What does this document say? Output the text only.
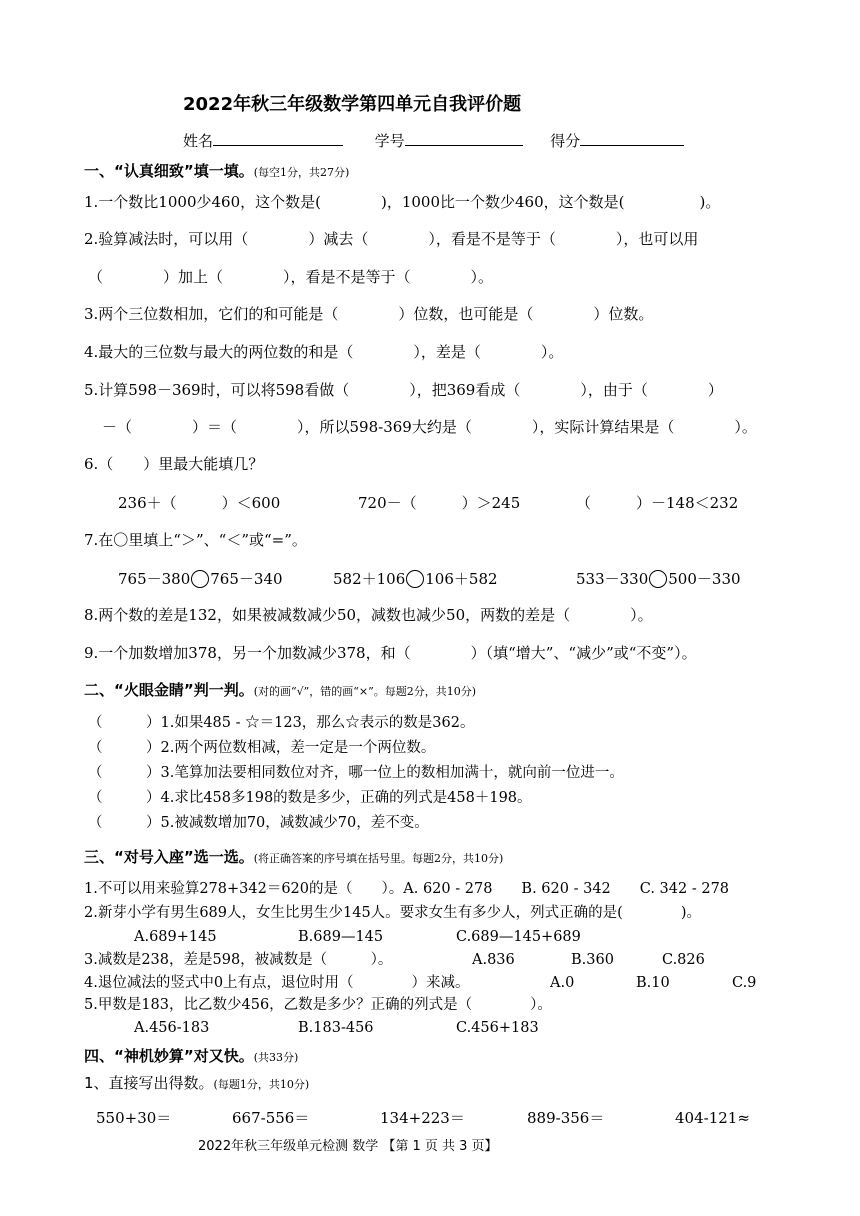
2022年秋三年级数学第四单元自我评价题
姓名	学号	得分
一、“认真细致”填一填。(每空1分，共27分)
1.一个数比1000少460，这个数是(　　　　)，1000比一个数少460，这个数是(　　　　　)。
2.验算减法时，可以用（　　　　）减去（　　　　），看是不是等于（　　　　），也可以用
（　　　　）加上（　　　　），看是不是等于（　　　　）。
3.两个三位数相加，它们的和可能是（　　　　）位数，也可能是（　　　　）位数。
4.最大的三位数与最大的两位数的和是（　　　　），差是（　　　　）。
5.计算598－369时，可以将598看做（　　　　），把369看成（　　　　），由于（　　　　）
－（　　　　）＝（　　　　），所以598-369大约是（　　　　），实际计算结果是（　　　　）。
6.（　　）里最大能填几？
236＋（　　　）＜600	720－（　　　）＞245	（　　　）－148＜232
7.在〇里填上“＞”、“＜”或“=”。
765－380 765－340	582＋106 106＋582	533－330 500－330
8.两个数的差是132，如果被减数减少50，减数也减少50，两数的差是（　　　　）。
9.一个加数增加378，另一个加数减少378，和（　　　　）（填“增大”、“减少”或“不变”）。
二、“火眼金睛”判一判。(对的画“√”，错的画“×”。每题2分，共10分)
（　　　）1.如果485 - ☆＝123，那么☆表示的数是362。
（　　　）2.两个两位数相减，差一定是一个两位数。
（　　　）3.笔算加法要相同数位对齐，哪一位上的数相加满十，就向前一位进一。
（　　　）4.求比458多198的数是多少，正确的列式是458＋198。
（　　　）5.被减数增加70，减数减少70，差不变。
三、“对号入座”选一选。(将正确答案的序号填在括号里。每题2分，共10分)
1.不可以用来验算278+342＝620的是（　　）。A. 620 - 278　　B. 620 - 342　　C. 342 - 278
2.新芽小学有男生689人，女生比男生少145人。要求女生有多少人，列式正确的是(　　　　)。
A.689+145	B.689—145	C.689—145+689
3.减数是238，差是598，被减数是（　　　）。	A.836	B.360	C.826
4.退位减法的竖式中0上有点，退位时用（　　　　）来减。	A.0	B.10	C.9
5.甲数是183，比乙数少456，乙数是多少？正确的列式是（　　　　）。
A.456-183	B.183-456	C.456+183
四、“神机妙算”对又快。(共33分)
1、直接写出得数。(每题1分，共10分)
550+30＝	667-556＝	134+223＝	889-356＝	404-121≈
2022年秋三年级单元检测 数学 【第 1 页 共 3 页】
